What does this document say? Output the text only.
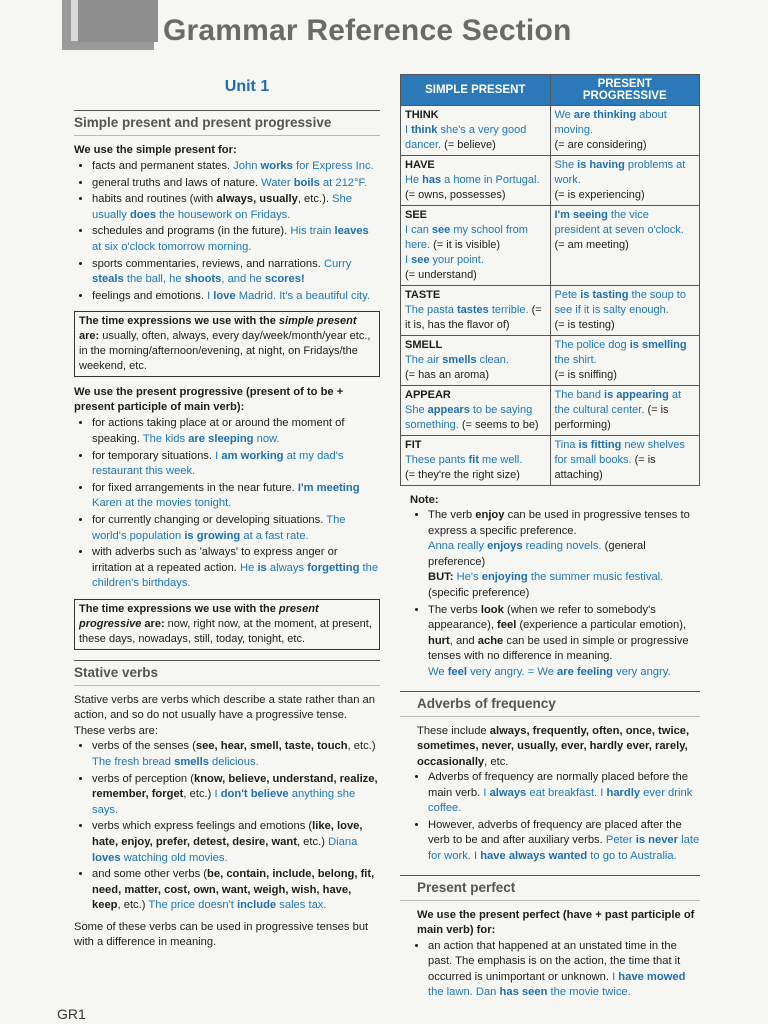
Grammar Reference Section
Unit 1
Simple present and present progressive

We use the simple present for:

• facts and permanent states. John works for Express Inc.
• general truths and laws of nature. Water boils at 212°F.
• habits and routines (with always, usually, etc.). She usually does the housework on Fridays.
• schedules and programs (in the future). His train leaves at six o'clock tomorrow morning.
• sports commentaries, reviews, and narrations. Curry steals the ball, he shoots, and he scores!
• feelings and emotions. I love Madrid. It's a beautiful city.
The time expressions we use with the simple present are: usually, often, always, every day/week/month/year etc., in the morning/afternoon/evening, at night, on Fridays/the weekend, etc.

We use the present progressive (present of to be + present participle of main verb):

• for actions taking place at or around the moment of speaking. The kids are sleeping now.
• for temporary situations. I am working at my dad's restaurant this week.
• for fixed arrangements in the near future. I'm meeting Karen at the movies tonight.
• for currently changing or developing situations. The world's population is growing at a fast rate.
• with adverbs such as 'always' to express anger or irritation at a repeated action. He is always forgetting the children's birthdays.
The time expressions we use with the present progressive are: now, right now, at the moment, at present, these days, nowadays, still, today, tonight, etc.
Stative verbs

Stative verbs are verbs which describe a state rather than an action, and so do not usually have a progressive tense. These verbs are:

• verbs of the senses (see, hear, smell, taste, touch, etc.) The fresh bread smells delicious.
• verbs of perception (know, believe, understand, realize, remember, forget, etc.) I don't believe anything she says.
• verbs which express feelings and emotions (like, love, hate, enjoy, prefer, detest, desire, want, etc.) Diana loves watching old movies.
• and some other verbs (be, contain, include, belong, fit, need, matter, cost, own, want, weigh, wish, have, keep, etc.) The price doesn't include sales tax.

Some of these verbs can be used in progressive tenses but with a difference in meaning.

SIMPLE PRESENT	PRESENT PROGRESSIVE

THINK
I think she's a very good dancer. (= believe)	We are thinking about moving.
(= are considering)

HAVE
He has a home in Portugal. (= owns, possesses)	She is having problems at work.
(= is experiencing)

SEE
I can see my school from here. (= it is visible)
I see your point.
(= understand)	I'm seeing the vice president at seven o'clock.
(= am meeting)

TASTE
The pasta tastes terrible. (= it is, has the flavor of)	Pete is tasting the soup to see if it is salty enough.
(= is testing)

SMELL
The air smells clean.
(= has an aroma)	The police dog is smelling the shirt.
(= is sniffing)

APPEAR
She appears to be saying something. (= seems to be)	The band is appearing at the cultural center. (= is performing)

FIT
These pants fit me well.
(= they're the right size)	Tina is fitting new shelves for small books. (= is attaching)
Note:
• The verb enjoy can be used in progressive tenses to express a specific preference.
Anna really enjoys reading novels. (general preference)
BUT: He's enjoying the summer music festival. (specific preference)
• The verbs look (when we refer to somebody's appearance), feel (experience a particular emotion), hurt, and ache can be used in simple or progressive tenses with no difference in meaning.
We feel very angry. = We are feeling very angry.
Adverbs of frequency

These include always, frequently, often, once, twice, sometimes, never, usually, ever, hardly ever, rarely, occasionally, etc.

• Adverbs of frequency are normally placed before the main verb. I always eat breakfast. I hardly ever drink coffee.
• However, adverbs of frequency are placed after the verb to be and after auxiliary verbs. Peter is never late for work. I have always wanted to go to Australia.
Present perfect

We use the present perfect (have + past participle of main verb) for:

• an action that happened at an unstated time in the past. The emphasis is on the action, the time that it occurred is unimportant or unknown. I have mowed the lawn. Dan has seen the movie twice.
GR1
